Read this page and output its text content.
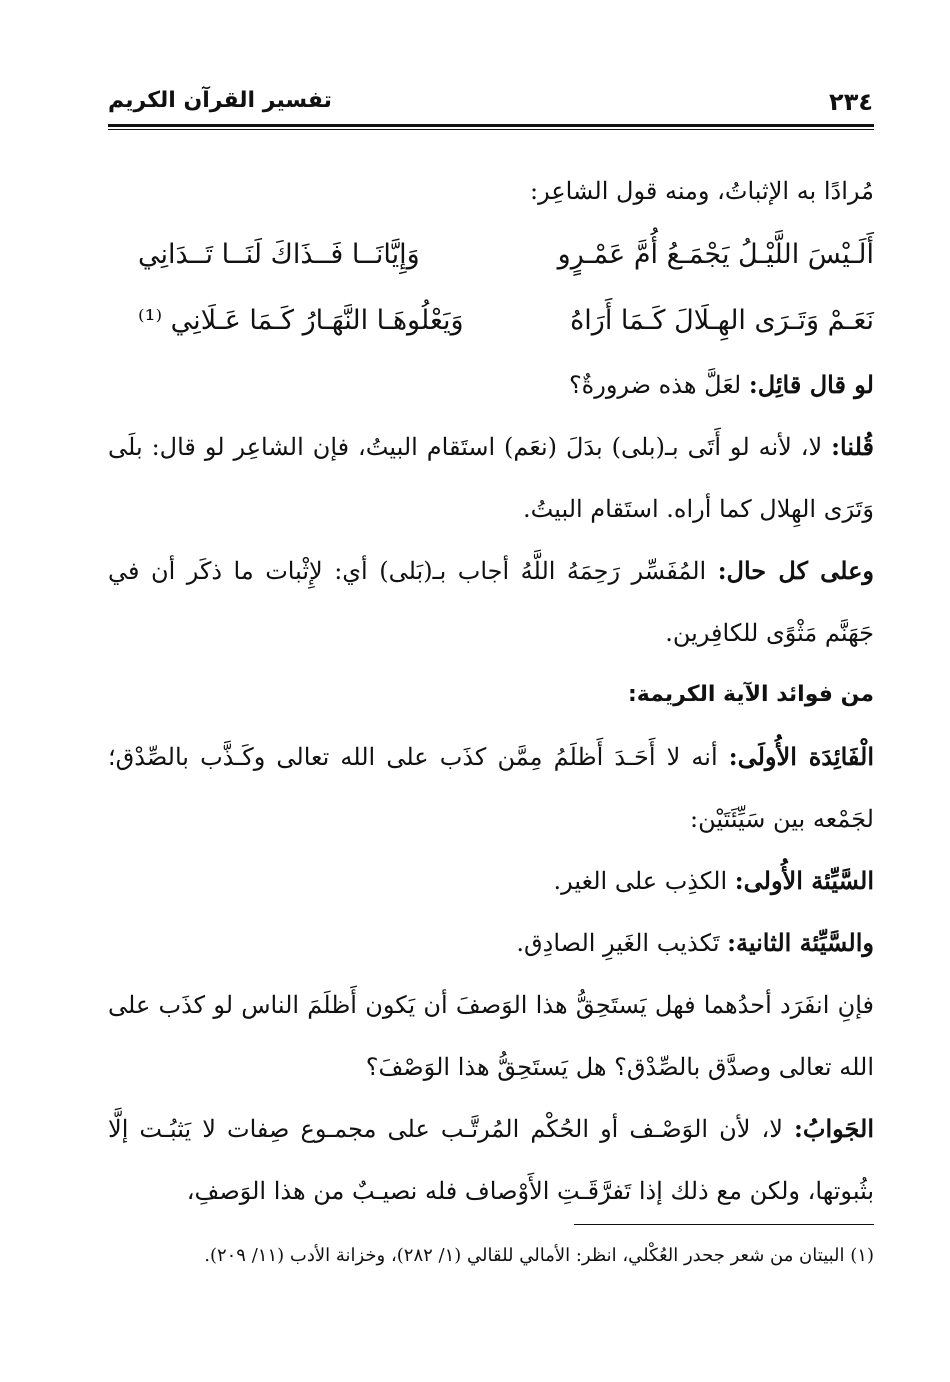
٢٣٤
تفسير القرآن الكريم

مُرادًا به الإثباتُ، ومنه قول الشاعِر:

أَلَـيْسَ اللَّيْـلُ يَجْمَـعُ أُمَّ عَمْـرٍو
وَإِيَّانَــا فَــذَاكَ لَنَــا تَــدَانِي
نَعَـمْ وَتَـرَى الهِـلَالَ كَـمَا أَرَاهُ
وَيَعْلُوهَـا النَّهَـارُ كَـمَا عَـلَانِي ⁽¹⁾

لو قال قائِل: لعَلَّ هذه ضرورةٌ؟

قُلنا: لا، لأنه لو أَتَى بـ(بلى) بدَلَ (نعَم) استَقام البيتُ، فإن الشاعِر لو قال: بلَى وَتَرَى الهِلال كما أراه. استَقام البيتُ.

وعلى كل حال: المُفَسِّر رَحِمَهُ اللَّهُ أجاب بـ(بَلى) أي: لإِثْبات ما ذكَر أن في جَهَنَّم مَثْوًى للكافِرين.

من فوائد الآية الكريمة:

الْفَائِدَة الأُولَى: أنه لا أَحَـدَ أَظلَمُ مِمَّن كذَب على الله تعالى وكَـذَّب بالصِّدْق؛ لجَمْعه بين سَيِّئَتَيْن:

السَّيِّئة الأُولى: الكذِب على الغير.

والسَّيِّئة الثانية: تَكذيب الغَيرِ الصادِق.

فإنِ انفَرَد أحدُهما فهل يَستَحِقُّ هذا الوَصفَ أن يَكون أَظلَمَ الناس لو كذَب على الله تعالى وصدَّق بالصِّدْق؟ هل يَستَحِقُّ هذا الوَصْفَ؟

الجَوابُ: لا، لأن الوَصْـف أو الحُكْم المُرتَّـب على مجمـوع صِفات لا يَثبُـت إلَّا بثُبوتها، ولكن مع ذلك إذا تَفرَّقَـتِ الأَوْصاف فله نصيـبٌ من هذا الوَصفِ،

(١) البيتان من شعر جحدر العُكْلي، انظر: الأمالي للقالي (١/ ٢٨٢)، وخزانة الأدب (١١/ ٢٠٩).
